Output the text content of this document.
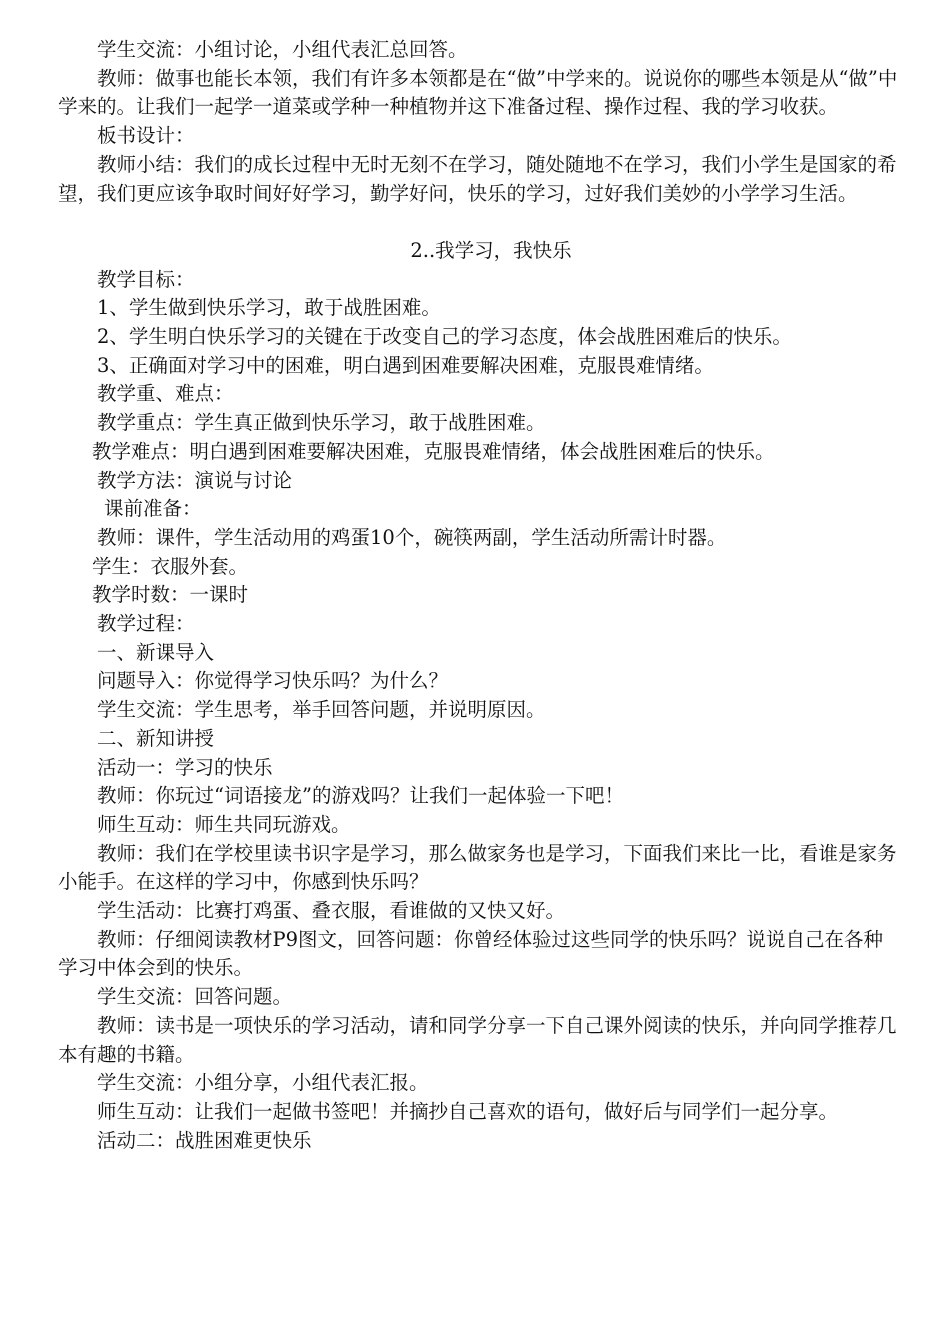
学生交流：小组讨论，小组代表汇总回答。

教师：做事也能长本领，我们有许多本领都是在“做”中学来的。说说你的哪些本领是从“做”中学来的。让我们一起学一道菜或学种一种植物并这下准备过程、操作过程、我的学习收获。

板书设计：

教师小结：我们的成长过程中无时无刻不在学习，随处随地不在学习，我们小学生是国家的希望，我们更应该争取时间好好学习，勤学好问，快乐的学习，过好我们美妙的小学学习生活。

2..我学习，我快乐

教学目标：

1、学生做到快乐学习，敢于战胜困难。

2、学生明白快乐学习的关键在于改变自己的学习态度，体会战胜困难后的快乐。

3、正确面对学习中的困难，明白遇到困难要解决困难，克服畏难情绪。

教学重、难点：

教学重点：学生真正做到快乐学习，敢于战胜困难。

教学难点：明白遇到困难要解决困难，克服畏难情绪，体会战胜困难后的快乐。

教学方法：演说与讨论

课前准备：

教师：课件，学生活动用的鸡蛋10个，碗筷两副，学生活动所需计时器。

学生：衣服外套。

教学时数：一课时

教学过程：

一、新课导入

问题导入：你觉得学习快乐吗？为什么？

学生交流：学生思考，举手回答问题，并说明原因。

二、新知讲授

活动一：学习的快乐

教师：你玩过“词语接龙”的游戏吗？让我们一起体验一下吧！

师生互动：师生共同玩游戏。

教师：我们在学校里读书识字是学习，那么做家务也是学习，下面我们来比一比，看谁是家务小能手。在这样的学习中，你感到快乐吗？

学生活动：比赛打鸡蛋、叠衣服，看谁做的又快又好。

教师：仔细阅读教材P9图文，回答问题：你曾经体验过这些同学的快乐吗？说说自己在各种学习中体会到的快乐。

学生交流：回答问题。

教师：读书是一项快乐的学习活动，请和同学分享一下自己课外阅读的快乐，并向同学推荐几本有趣的书籍。

学生交流：小组分享，小组代表汇报。

师生互动：让我们一起做书签吧！并摘抄自己喜欢的语句，做好后与同学们一起分享。

活动二：战胜困难更快乐
